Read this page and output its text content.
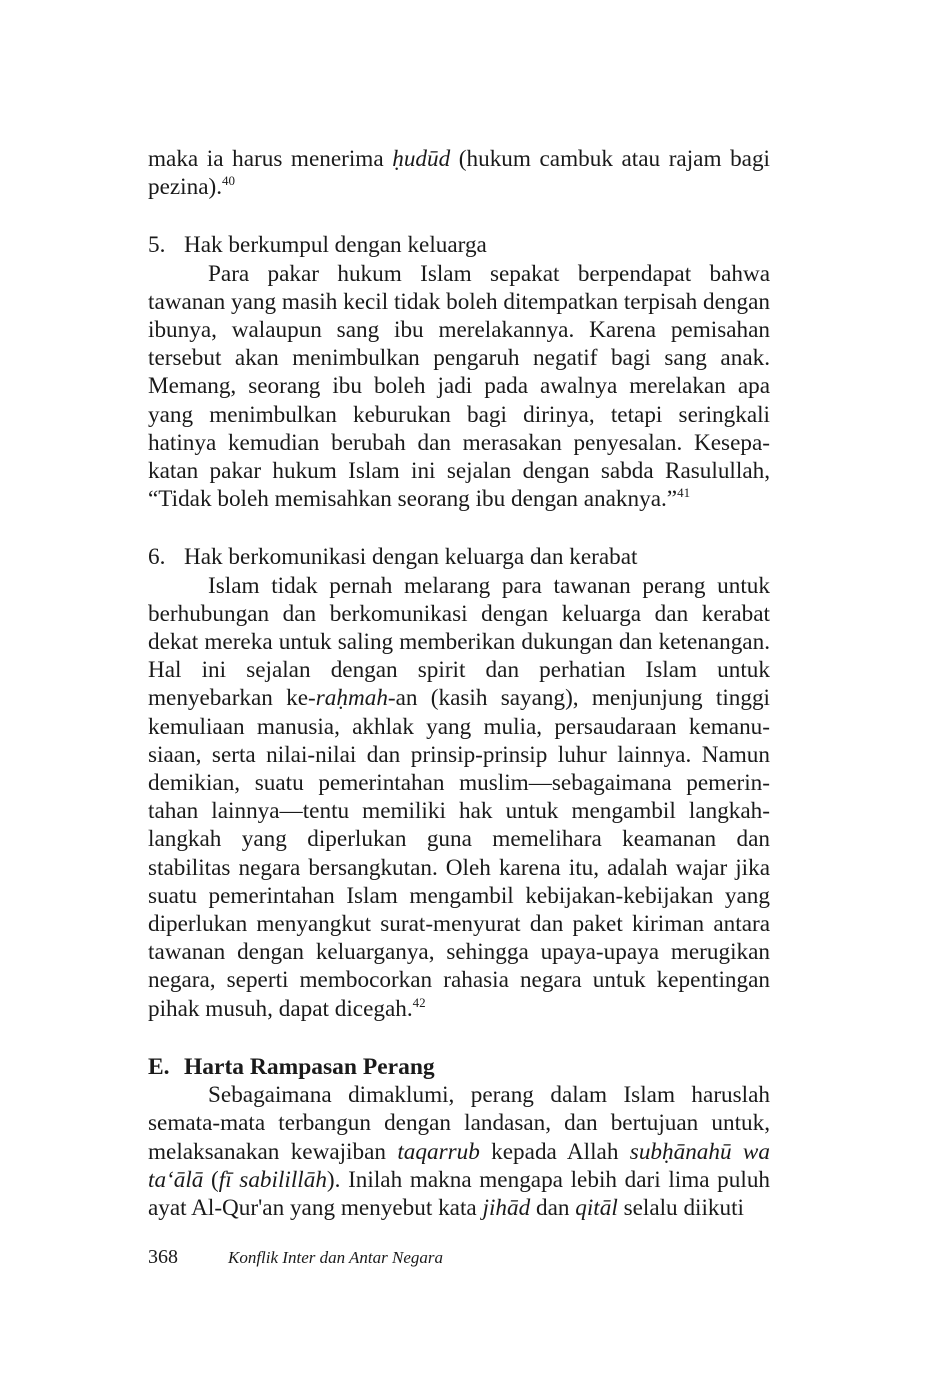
maka ia harus menerima ḥudūd (hukum cambuk atau rajam bagi pezina).$^{40}$

5. Hak berkumpul dengan keluarga

Para pakar hukum Islam sepakat berpendapat bahwa tawanan yang masih kecil tidak boleh ditempatkan terpisah dengan ibunya, walaupun sang ibu merelakannya. Karena pemisahan tersebut akan menimbulkan pengaruh negatif bagi sang anak. Memang, seorang ibu boleh jadi pada awalnya merelakan apa yang menimbulkan keburukan bagi dirinya, tetapi seringkali hatinya kemudian berubah dan merasakan penyesalan. Kesepakatan pakar hukum Islam ini sejalan dengan sabda Rasulullah, “Tidak boleh memisahkan seorang ibu dengan anaknya.”$^{41}$

6. Hak berkomunikasi dengan keluarga dan kerabat

Islam tidak pernah melarang para tawanan perang untuk berhubungan dan berkomunikasi dengan keluarga dan kerabat dekat mereka untuk saling memberikan dukungan dan ketenangan. Hal ini sejalan dengan spirit dan perhatian Islam untuk menyebarkan ke-raḥmah-an (kasih sayang), menjunjung tinggi kemuliaan manusia, akhlak yang mulia, persaudaraan kemanusiaan, serta nilai-nilai dan prinsip-prinsip luhur lainnya. Namun demikian, suatu pemerintahan muslim—sebagaimana pemerintahan lainnya—tentu memiliki hak untuk mengambil langkah-langkah yang diperlukan guna memelihara keamanan dan stabilitas negara bersangkutan. Oleh karena itu, adalah wajar jika suatu pemerintahan Islam mengambil kebijakan-kebijakan yang diperlukan menyangkut surat-menyurat dan paket kiriman antara tawanan dengan keluarganya, sehingga upaya-upaya merugikan negara, seperti membocorkan rahasia negara untuk kepentingan pihak musuh, dapat dicegah.$^{42}$

E. Harta Rampasan Perang

Sebagaimana dimaklumi, perang dalam Islam haruslah semata-mata terbangun dengan landasan, dan bertujuan untuk, melaksanakan kewajiban taqarrub kepada Allah subḥānahū wa ta‘ālā (fī sabilillāh). Inilah makna mengapa lebih dari lima puluh ayat Al-Qur'an yang menyebut kata jihād dan qitāl selalu diikuti

368	Konflik Inter dan Antar Negara
